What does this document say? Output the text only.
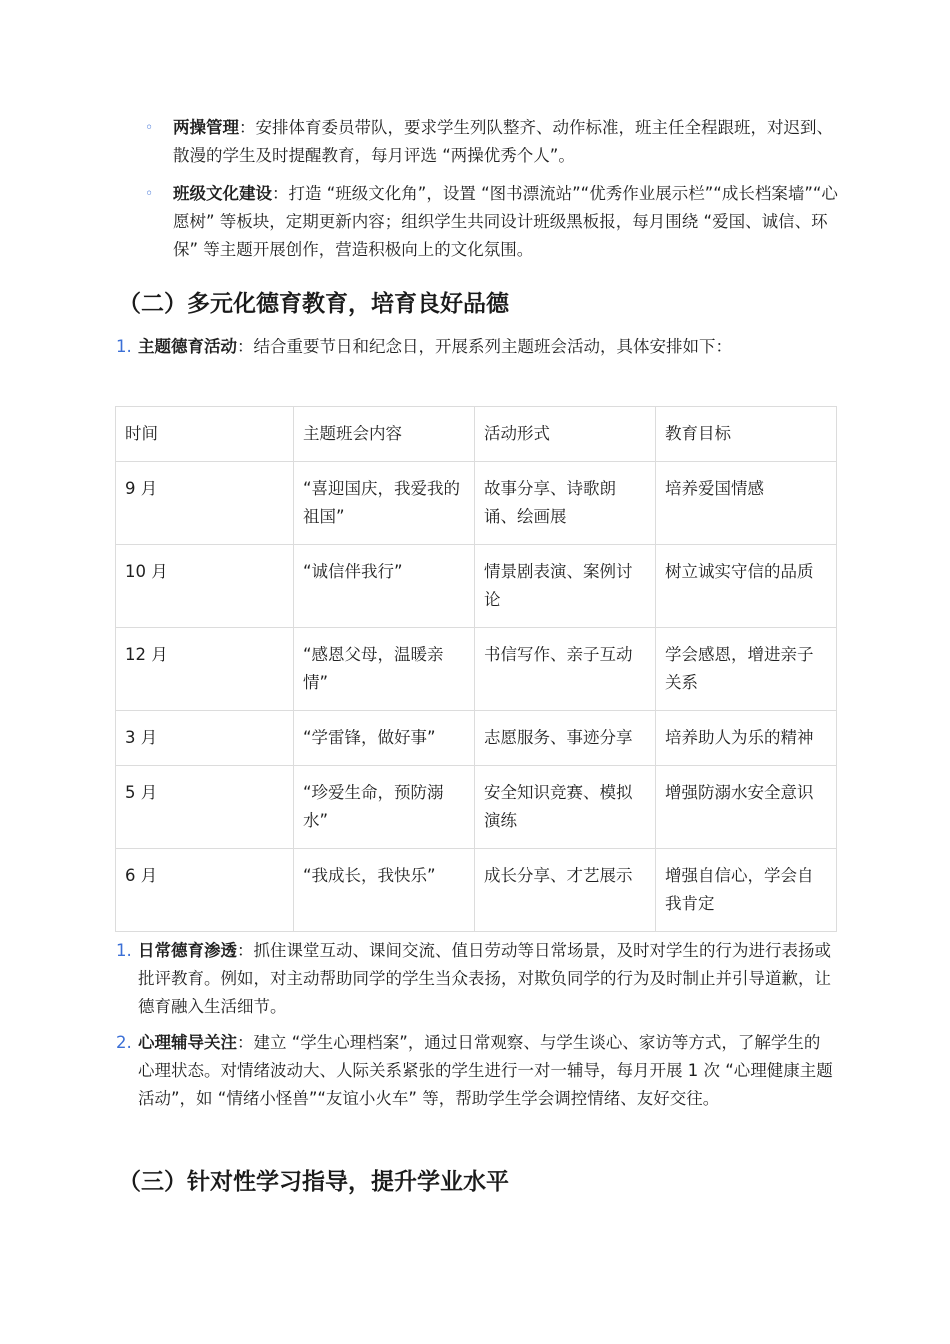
◦ 两操管理：安排体育委员带队，要求学生列队整齐、动作标准，班主任全程跟班，对迟到、散漫的学生及时提醒教育，每月评选 “两操优秀个人”。
◦ 班级文化建设：打造 “班级文化角”，设置 “图书漂流站”“优秀作业展示栏”“成长档案墙”“心愿树” 等板块，定期更新内容；组织学生共同设计班级黑板报，每月围绕 “爱国、诚信、环保” 等主题开展创作，营造积极向上的文化氛围。
（二）多元化德育教育，培育良好品德
1. 主题德育活动：结合重要节日和纪念日，开展系列主题班会活动，具体安排如下：
时间	主题班会内容	活动形式	教育目标
9 月	“喜迎国庆，我爱我的祖国”	故事分享、诗歌朗诵、绘画展	培养爱国情感
10 月	“诚信伴我行”	情景剧表演、案例讨论	树立诚实守信的品质
12 月	“感恩父母，温暖亲情”	书信写作、亲子互动	学会感恩，增进亲子关系
3 月	“学雷锋，做好事”	志愿服务、事迹分享	培养助人为乐的精神
5 月	“珍爱生命，预防溺水”	安全知识竞赛、模拟演练	增强防溺水安全意识
6 月	“我成长，我快乐”	成长分享、才艺展示	增强自信心，学会自我肯定
1. 日常德育渗透：抓住课堂互动、课间交流、值日劳动等日常场景，及时对学生的行为进行表扬或批评教育。例如，对主动帮助同学的学生当众表扬，对欺负同学的行为及时制止并引导道歉，让德育融入生活细节。
2. 心理辅导关注：建立 “学生心理档案”，通过日常观察、与学生谈心、家访等方式，了解学生的心理状态。对情绪波动大、人际关系紧张的学生进行一对一辅导，每月开展 1 次 “心理健康主题活动”，如 “情绪小怪兽”“友谊小火车” 等，帮助学生学会调控情绪、友好交往。
（三）针对性学习指导，提升学业水平
